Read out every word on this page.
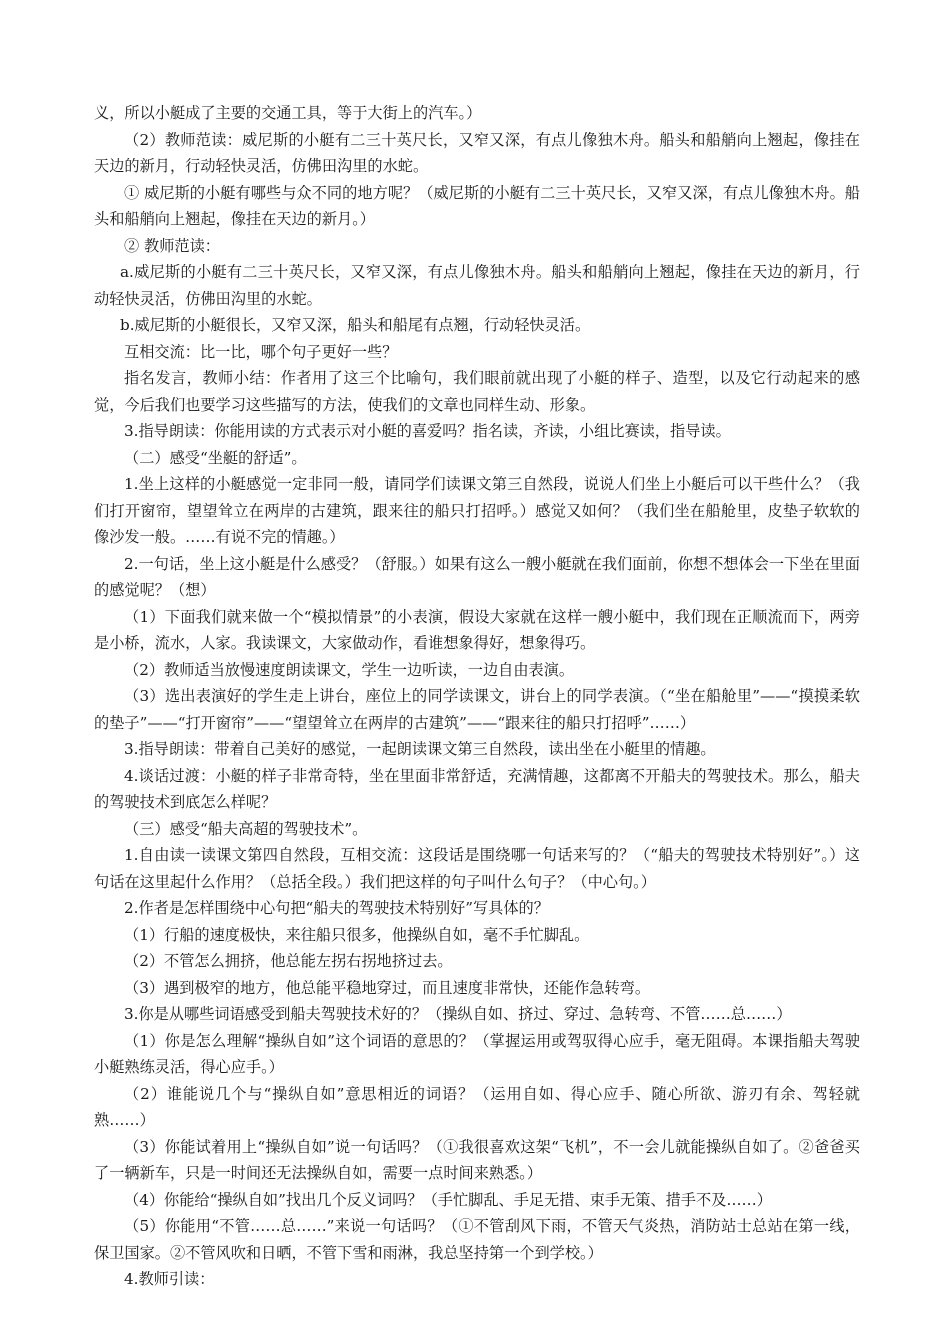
义，所以小艇成了主要的交通工具，等于大街上的汽车。）

（2）教师范读：威尼斯的小艇有二三十英尺长，又窄又深，有点儿像独木舟。船头和船艄向上翘起，像挂在天边的新月，行动轻快灵活，仿佛田沟里的水蛇。

① 威尼斯的小艇有哪些与众不同的地方呢？（威尼斯的小艇有二三十英尺长，又窄又深，有点儿像独木舟。船头和船艄向上翘起，像挂在天边的新月。）

② 教师范读：

a.威尼斯的小艇有二三十英尺长，又窄又深，有点儿像独木舟。船头和船艄向上翘起，像挂在天边的新月，行动轻快灵活，仿佛田沟里的水蛇。

b.威尼斯的小艇很长，又窄又深，船头和船尾有点翘，行动轻快灵活。

互相交流：比一比，哪个句子更好一些？

指名发言，教师小结：作者用了这三个比喻句，我们眼前就出现了小艇的样子、造型，以及它行动起来的感觉，今后我们也要学习这些描写的方法，使我们的文章也同样生动、形象。

3.指导朗读：你能用读的方式表示对小艇的喜爱吗？指名读，齐读，小组比赛读，指导读。

（二）感受“坐艇的舒适”。

1.坐上这样的小艇感觉一定非同一般，请同学们读课文第三自然段，说说人们坐上小艇后可以干些什么？（我们打开窗帘，望望耸立在两岸的古建筑，跟来往的船只打招呼。）感觉又如何？（我们坐在船舱里，皮垫子软软的像沙发一般。……有说不完的情趣。）

2.一句话，坐上这小艇是什么感受？（舒服。）如果有这么一艘小艇就在我们面前，你想不想体会一下坐在里面的感觉呢？（想）

（1）下面我们就来做一个“模拟情景”的小表演，假设大家就在这样一艘小艇中，我们现在正顺流而下，两旁是小桥，流水，人家。我读课文，大家做动作，看谁想象得好，想象得巧。

（2）教师适当放慢速度朗读课文，学生一边听读，一边自由表演。

（3）选出表演好的学生走上讲台，座位上的同学读课文，讲台上的同学表演。（“坐在船舱里”——“摸摸柔软的垫子”——“打开窗帘”——“望望耸立在两岸的古建筑”——“跟来往的船只打招呼”……）

3.指导朗读：带着自己美好的感觉，一起朗读课文第三自然段，读出坐在小艇里的情趣。

4.谈话过渡：小艇的样子非常奇特，坐在里面非常舒适，充满情趣，这都离不开船夫的驾驶技术。那么，船夫的驾驶技术到底怎么样呢？

（三）感受“船夫高超的驾驶技术”。

1.自由读一读课文第四自然段，互相交流：这段话是围绕哪一句话来写的？（“船夫的驾驶技术特别好”。）这句话在这里起什么作用？（总括全段。）我们把这样的句子叫什么句子？（中心句。）

2.作者是怎样围绕中心句把“船夫的驾驶技术特别好”写具体的？

（1）行船的速度极快，来往船只很多，他操纵自如，毫不手忙脚乱。

（2）不管怎么拥挤，他总能左拐右拐地挤过去。

（3）遇到极窄的地方，他总能平稳地穿过，而且速度非常快，还能作急转弯。

3.你是从哪些词语感受到船夫驾驶技术好的？（操纵自如、挤过、穿过、急转弯、不管……总……）

（1）你是怎么理解“操纵自如”这个词语的意思的？（掌握运用或驾驭得心应手，毫无阻碍。本课指船夫驾驶小艇熟练灵活，得心应手。）

（2）谁能说几个与“操纵自如”意思相近的词语？（运用自如、得心应手、随心所欲、游刃有余、驾轻就熟……）

（3）你能试着用上“操纵自如”说一句话吗？（①我很喜欢这架“飞机”，不一会儿就能操纵自如了。②爸爸买了一辆新车，只是一时间还无法操纵自如，需要一点时间来熟悉。）

（4）你能给“操纵自如”找出几个反义词吗？（手忙脚乱、手足无措、束手无策、措手不及……）

（5）你能用“不管……总……”来说一句话吗？（①不管刮风下雨，不管天气炎热，消防站士总站在第一线，保卫国家。②不管风吹和日晒，不管下雪和雨淋，我总坚持第一个到学校。）

4.教师引读：
